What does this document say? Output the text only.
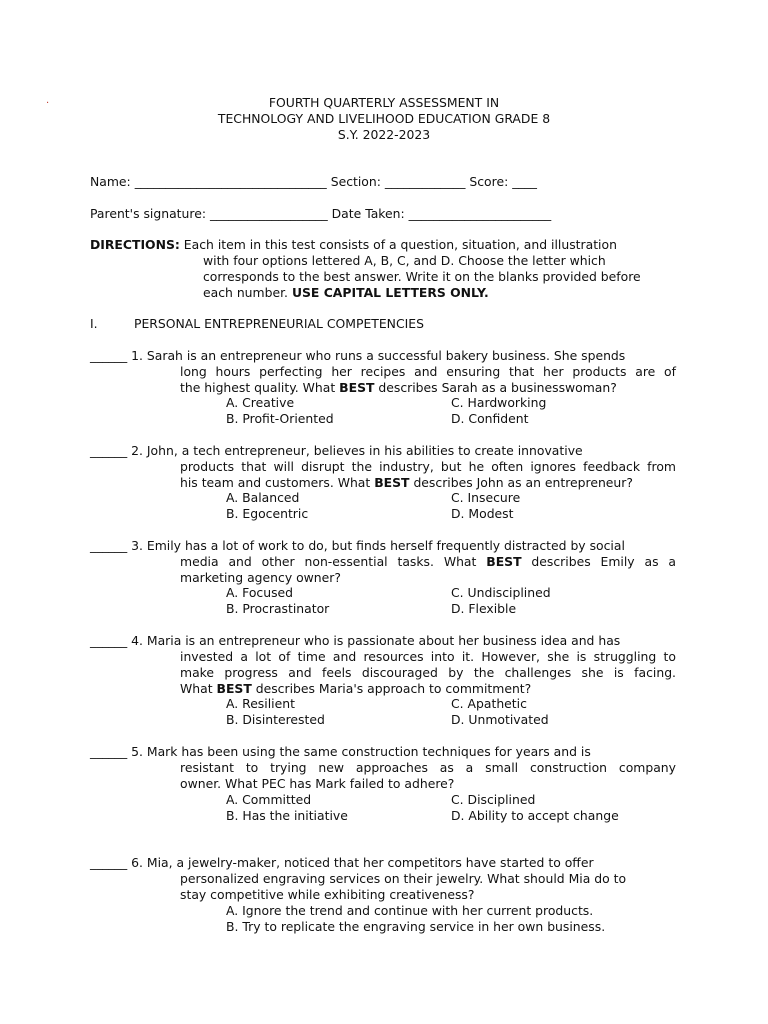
.	FOURTH QUARTERLY ASSESSMENT IN
TECHNOLOGY AND LIVELIHOOD EDUCATION GRADE 8
S.Y. 2022-2023
Name: _______________________________ Section: _____________ Score: ____
Parent's signature: ___________________ Date Taken: _______________________
DIRECTIONS: Each item in this test consists of a question, situation, and illustration
with four options lettered A, B, C, and D. Choose the letter which
corresponds to the best answer. Write it on the blanks provided before
each number. USE CAPITAL LETTERS ONLY.
I.	PERSONAL ENTREPRENEURIAL COMPETENCIES
______ 1. Sarah is an entrepreneur who runs a successful bakery business. She spends
long hours perfecting her recipes and ensuring that her products are of
the highest quality. What BEST describes Sarah as a businesswoman?
A. Creative	C. Hardworking
B. Profit-Oriented	D. Confident
______ 2. John, a tech entrepreneur, believes in his abilities to create innovative
products that will disrupt the industry, but he often ignores feedback from
his team and customers. What BEST describes John as an entrepreneur?
A. Balanced	C. Insecure
B. Egocentric	D. Modest
______ 3. Emily has a lot of work to do, but finds herself frequently distracted by social
media and other non-essential tasks. What BEST describes Emily as a
marketing agency owner?
A. Focused	C. Undisciplined
B. Procrastinator	D. Flexible
______ 4. Maria is an entrepreneur who is passionate about her business idea and has
invested a lot of time and resources into it. However, she is struggling to
make progress and feels discouraged by the challenges she is facing.
What BEST describes Maria's approach to commitment?
A. Resilient	C. Apathetic
B. Disinterested	D. Unmotivated
______ 5. Mark has been using the same construction techniques for years and is
resistant to trying new approaches as a small construction company
owner. What PEC has Mark failed to adhere?
A. Committed	C. Disciplined
B. Has the initiative	D. Ability to accept change
______ 6. Mia, a jewelry-maker, noticed that her competitors have started to offer
personalized engraving services on their jewelry. What should Mia do to
stay competitive while exhibiting creativeness?
A. Ignore the trend and continue with her current products.
B. Try to replicate the engraving service in her own business.
